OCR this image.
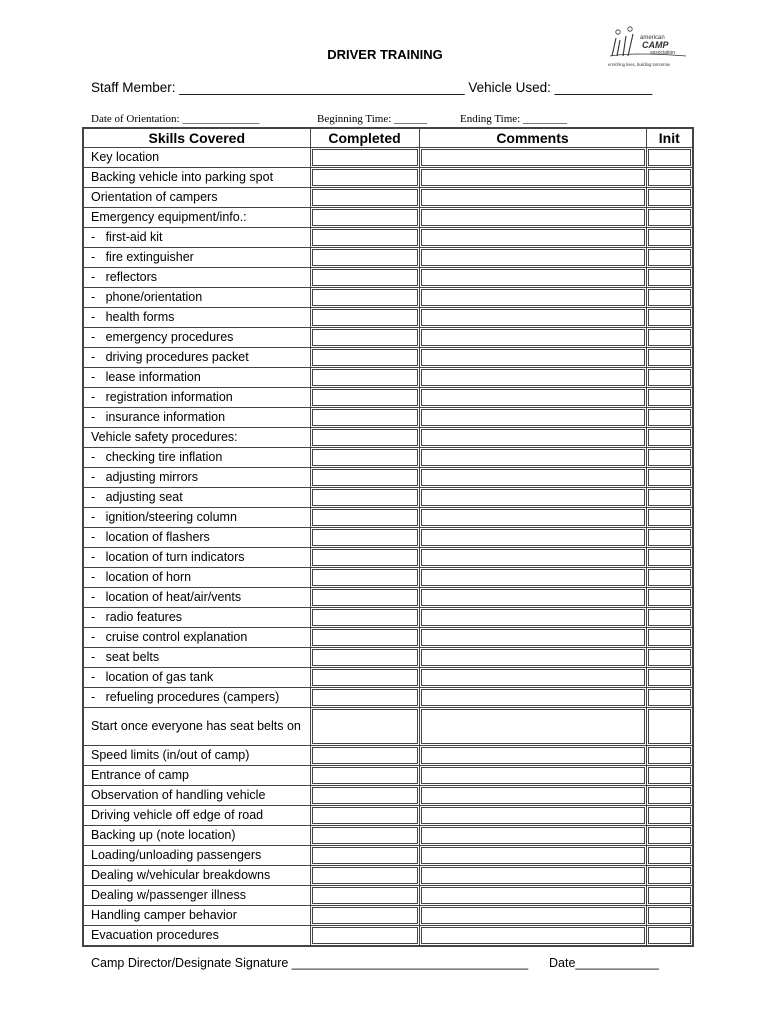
american
CAMP
association
enriching lives, building tomorrow
DRIVER TRAINING
Staff Member: ______________________________________ Vehicle Used: _____________
Date of Orientation: ______________	Beginning Time: ______	Ending Time: ________
Skills Covered	Completed	Comments	Init
Key location	

Backing vehicle into parking spot	

Orientation of campers	

Emergency equipment/info.:	

-   first-aid kit	

-   fire extinguisher	

-   reflectors	

-   phone/orientation	

-   health forms	

-   emergency procedures	

-   driving procedures packet	

-   lease information	

-   registration information	

-   insurance information	

Vehicle safety procedures:	

-   checking tire inflation	

-   adjusting mirrors	

-   adjusting seat	

-   ignition/steering column	

-   location of flashers	

-   location of turn indicators	

-   location of horn	

-   location of heat/air/vents	

-   radio features	

-   cruise control explanation	

-   seat belts	

-   location of gas tank	

-   refueling procedures (campers)	

Start once everyone has seat belts on	

Speed limits (in/out of camp)	

Entrance of camp	

Observation of handling vehicle	

Driving vehicle off edge of road	

Backing up (note location)	

Loading/unloading passengers	

Dealing w/vehicular breakdowns	

Dealing w/passenger illness	

Handling camper behavior	

Evacuation procedures	

Camp Director/Designate Signature __________________________________      Date____________
